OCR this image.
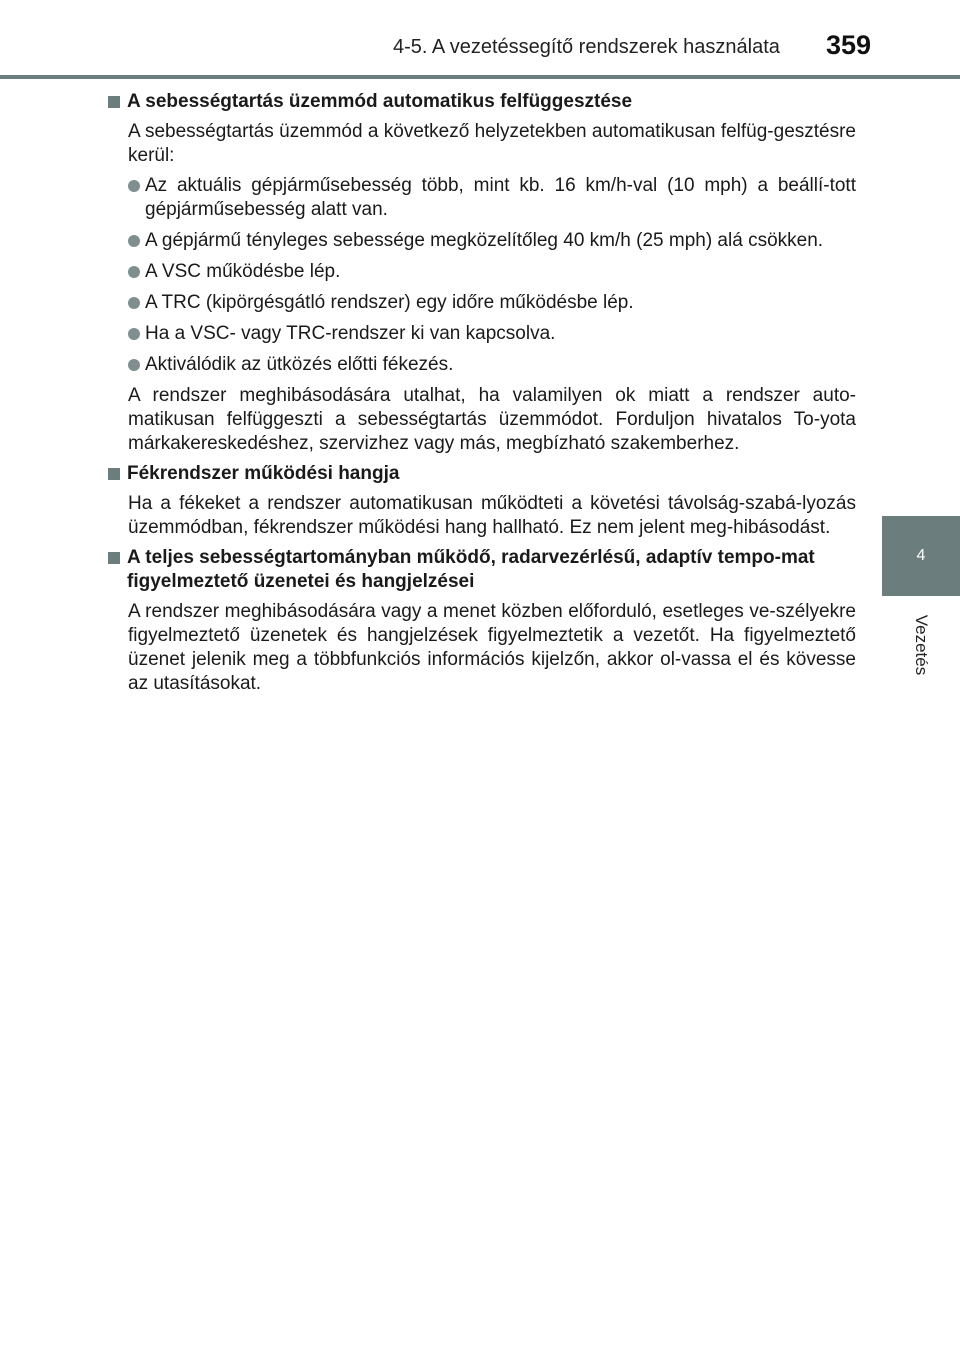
4-5. A vezetéssegítő rendszerek használata 359
4
Vezetés
A sebességtartás üzemmód automatikus felfüggesztése
A sebességtartás üzemmód a következő helyzetekben automatikusan felfüg-gesztésre kerül:
Az aktuális gépjárműsebesség több, mint kb. 16 km/h-val (10 mph) a beállí-tott gépjárműsebesség alatt van.
A gépjármű tényleges sebessége megközelítőleg 40 km/h (25 mph) alá csökken.
A VSC működésbe lép.
A TRC (kipörgésgátló rendszer) egy időre működésbe lép.
Ha a VSC- vagy TRC-rendszer ki van kapcsolva.
Aktiválódik az ütközés előtti fékezés.
A rendszer meghibásodására utalhat, ha valamilyen ok miatt a rendszer auto-matikusan felfüggeszti a sebességtartás üzemmódot. Forduljon hivatalos To-yota márkakereskedéshez, szervizhez vagy más, megbízható szakemberhez.
Fékrendszer működési hangja
Ha a fékeket a rendszer automatikusan működteti a követési távolság-szabá-lyozás üzemmódban, fékrendszer működési hang hallható. Ez nem jelent meg-hibásodást.
A teljes sebességtartományban működő, radarvezérlésű, adaptív tempo-mat figyelmeztető üzenetei és hangjelzései
A rendszer meghibásodására vagy a menet közben előforduló, esetleges ve-szélyekre figyelmeztető üzenetek és hangjelzések figyelmeztetik a vezetőt. Ha figyelmeztető üzenet jelenik meg a többfunkciós információs kijelzőn, akkor ol-vassa el és kövesse az utasításokat.
